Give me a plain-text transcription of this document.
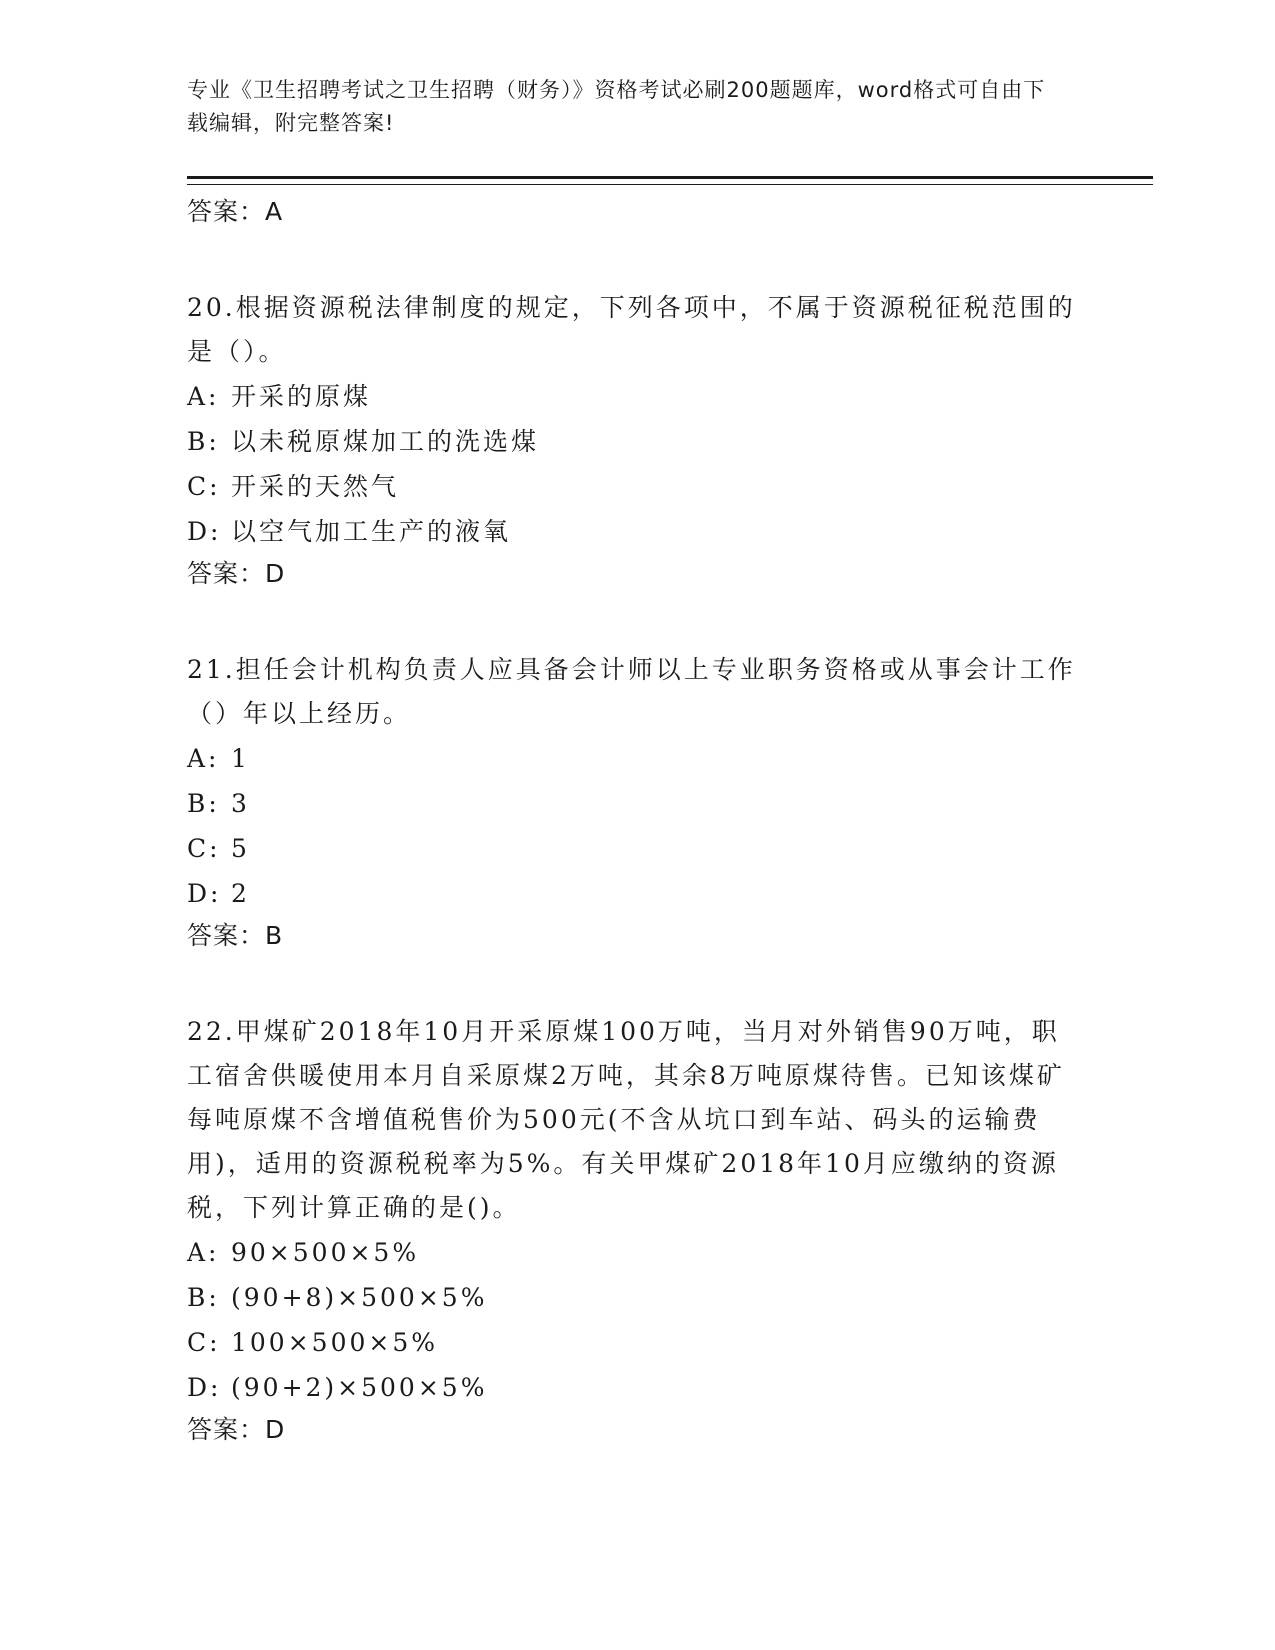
专业《卫生招聘考试之卫生招聘（财务）》资格考试必刷200题题库，word格式可自由下载编辑，附完整答案!
答案：A

20.根据资源税法律制度的规定，下列各项中，不属于资源税征税范围的是（）。

A: 开采的原煤
B: 以未税原煤加工的洗选煤
C: 开采的天然气
D: 以空气加工生产的液氧
答案：D

21.担任会计机构负责人应具备会计师以上专业职务资格或从事会计工作（）年以上经历。

A: 1
B: 3
C: 5
D: 2
答案：B

22.甲煤矿2018年10月开采原煤100万吨，当月对外销售90万吨，职工宿舍供暖使用本月自采原煤2万吨，其余8万吨原煤待售。已知该煤矿每吨原煤不含增值税售价为500元(不含从坑口到车站、码头的运输费用)，适用的资源税税率为5%。有关甲煤矿2018年10月应缴纳的资源税，下列计算正确的是()。

A: 90×500×5%
B: (90+8)×500×5%
C: 100×500×5%
D: (90+2)×500×5%
答案：D
